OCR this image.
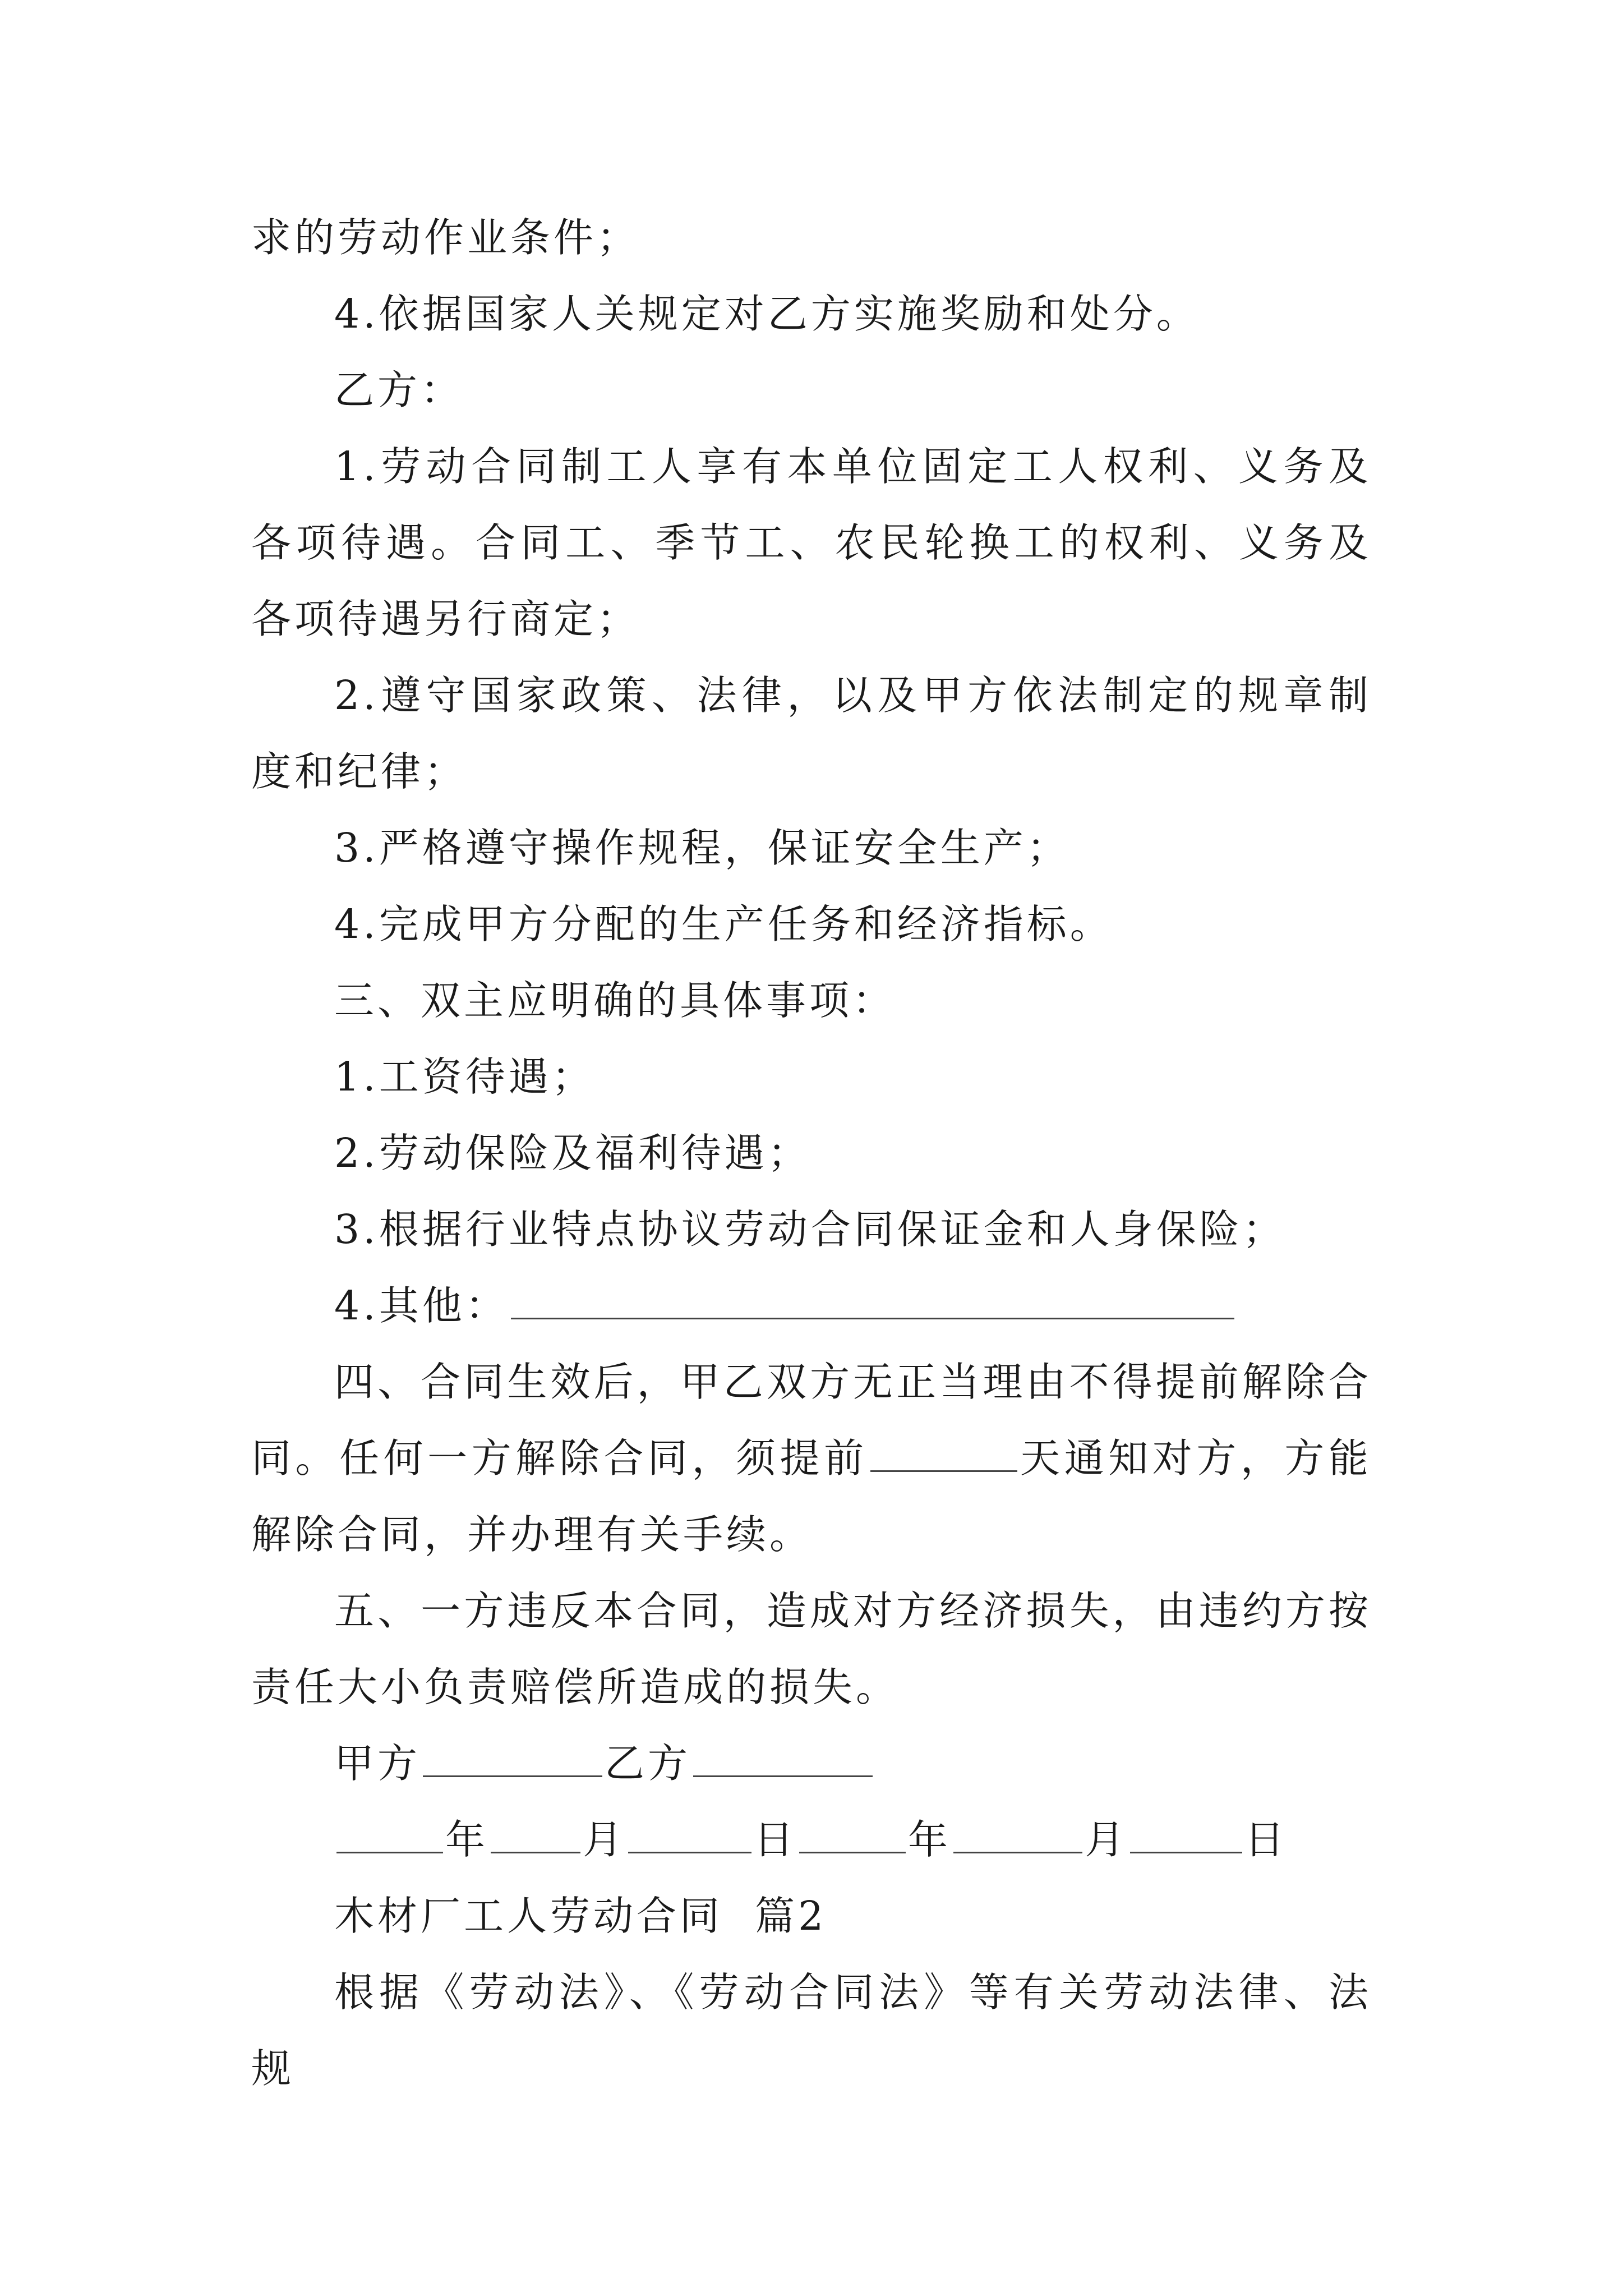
求的劳动作业条件；

4.依据国家人关规定对乙方实施奖励和处分。

乙方：

1.劳动合同制工人享有本单位固定工人权利、义务及各项待遇。合同工、季节工、农民轮换工的权利、义务及各项待遇另行商定；

2.遵守国家政策、法律，以及甲方依法制定的规章制度和纪律；

3.严格遵守操作规程，保证安全生产；

4.完成甲方分配的生产任务和经济指标。

三、双主应明确的具体事项：

1.工资待遇；

2.劳动保险及福利待遇；

3.根据行业特点协议劳动合同保证金和人身保险；

4.其他：

四、合同生效后，甲乙双方无正当理由不得提前解除合同。任何一方解除合同，须提前	天通知对方，方能解除合同，并办理有关手续。

五、一方违反本合同，造成对方经济损失，由违约方按责任大小负责赔偿所造成的损失。

甲方	乙方

年 月	日	年	月	日

木材厂工人劳动合同  篇2

根据《劳动法》、《劳动合同法》等有关劳动法律、法规
